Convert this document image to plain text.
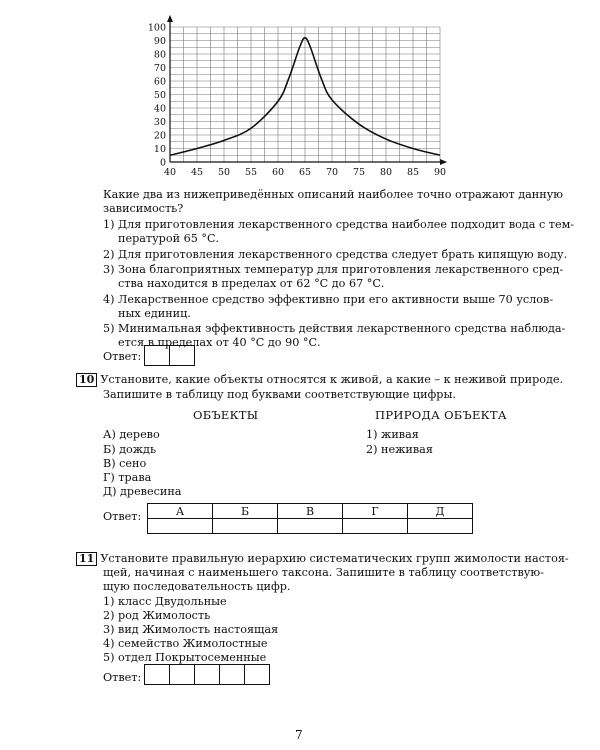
0
10
20
30
40
50
60
70
80
90
100
40 45 50 55 60 65 70 75 80 85 90
Какие два из нижеприведённых описаний наиболее точно отражают данную
зависимость?
1) Для приготовления лекарственного средства наиболее подходит вода с тем-
пературой 65 °С.
2) Для приготовления лекарственного средства следует брать кипящую воду.
3) Зона благоприятных температур для приготовления лекарственного сред-
ства находится в пределах от 62 °С до 67 °С.
4) Лекарственное средство эффективно при его активности выше 70 услов-
ных единиц.
5) Минимальная эффективность действия лекарственного средства наблюда-
ется в пределах от 40 °С до 90 °С.
Ответ:
10 Установите, какие объекты относятся к живой, а какие – к неживой природе.
Запишите в таблицу под буквами соответствующие цифры.
ОБЪЕКТЫ	ПРИРОДА ОБЪЕКТА
А) дерево
Б) дождь
В) сено
Г) трава
Д) древесина
1) живая
2) неживая
Ответ:	А	Б	В	Г	Д

11 Установите правильную иерархию систематических групп жимолости настоя-
щей, начиная с наименьшего таксона. Запишите в таблицу соответствую-
щую последовательность цифр.
1) класс Двудольные
2) род Жимолость
3) вид Жимолость настоящая
4) семейство Жимолостные
5) отдел Покрытосеменные
Ответ:
7
